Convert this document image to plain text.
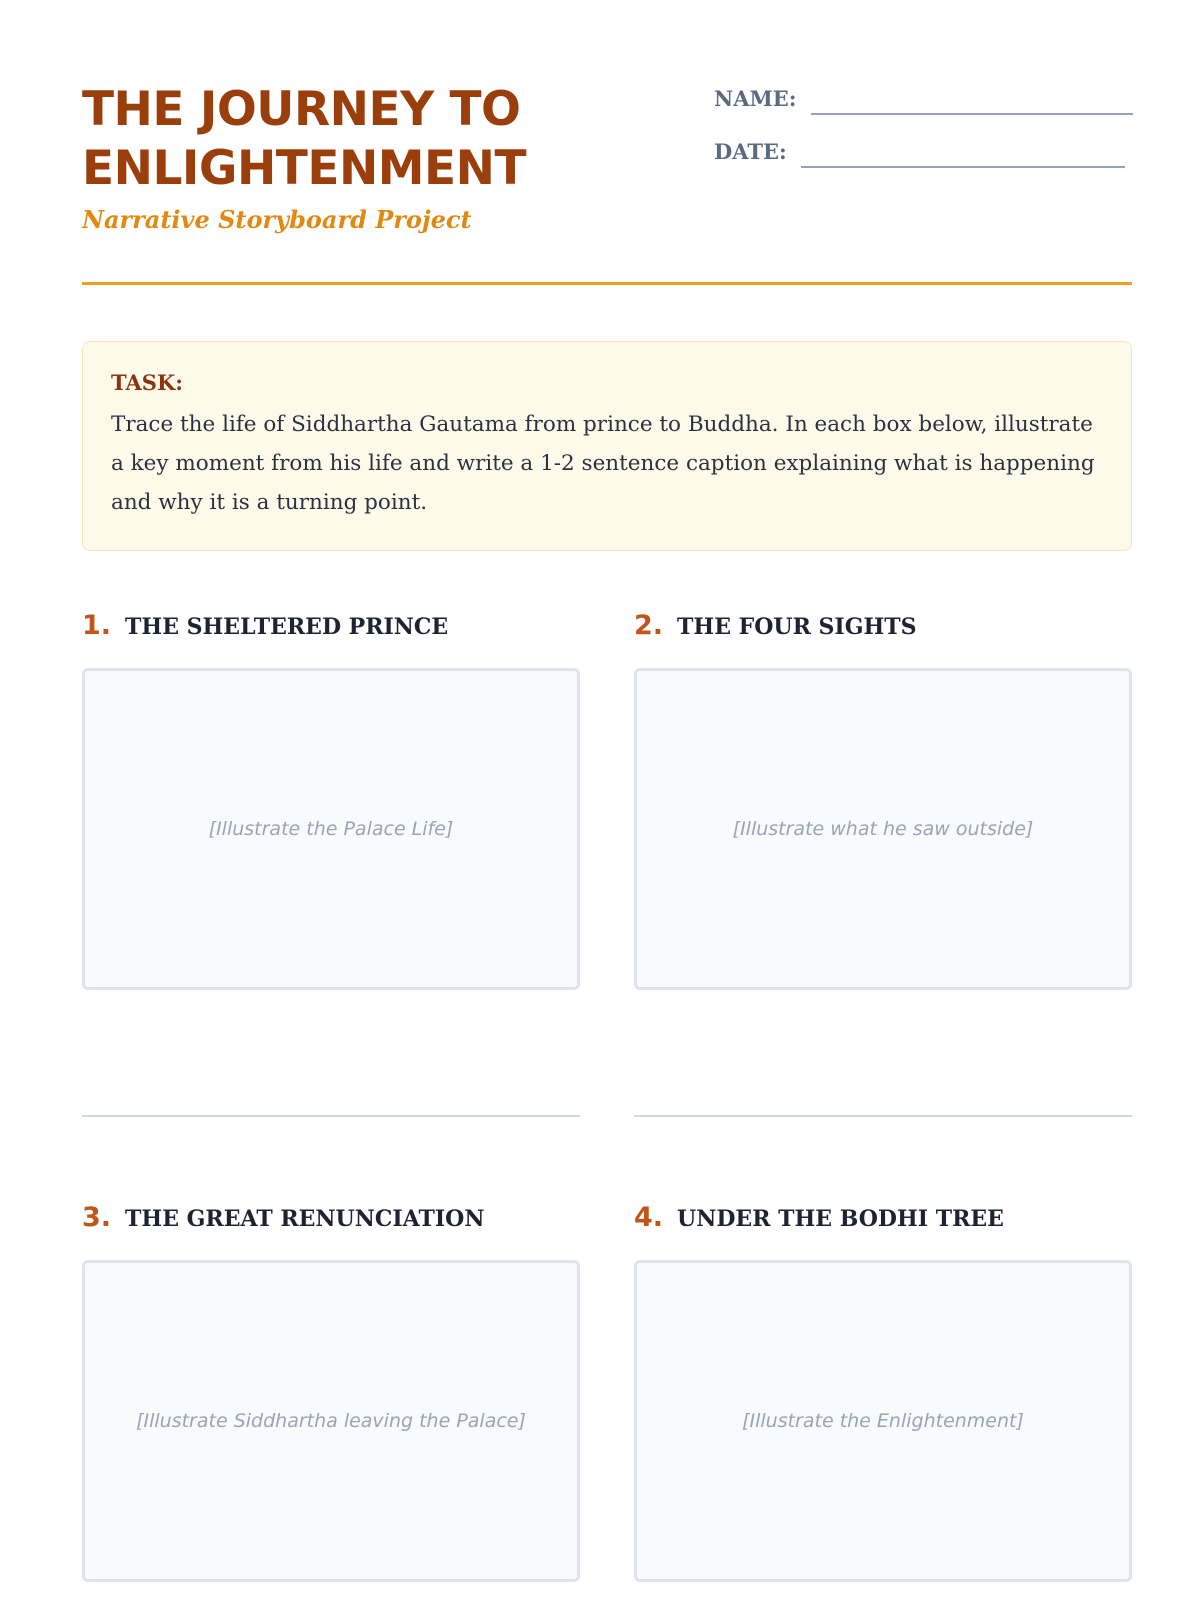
THE JOURNEY TO
ENLIGHTENMENT
Narrative Storyboard Project
NAME:
DATE:
TASK:
Trace the life of Siddhartha Gautama from prince to Buddha. In each box below, illustrate a key moment from his life and write a 1-2 sentence caption explaining what is happening and why it is a turning point.
1. THE SHELTERED PRINCE
[Illustrate the Palace Life]
2. THE FOUR SIGHTS
[Illustrate what he saw outside]
3. THE GREAT RENUNCIATION
[Illustrate Siddhartha leaving the Palace]
4. UNDER THE BODHI TREE
[Illustrate the Enlightenment]
